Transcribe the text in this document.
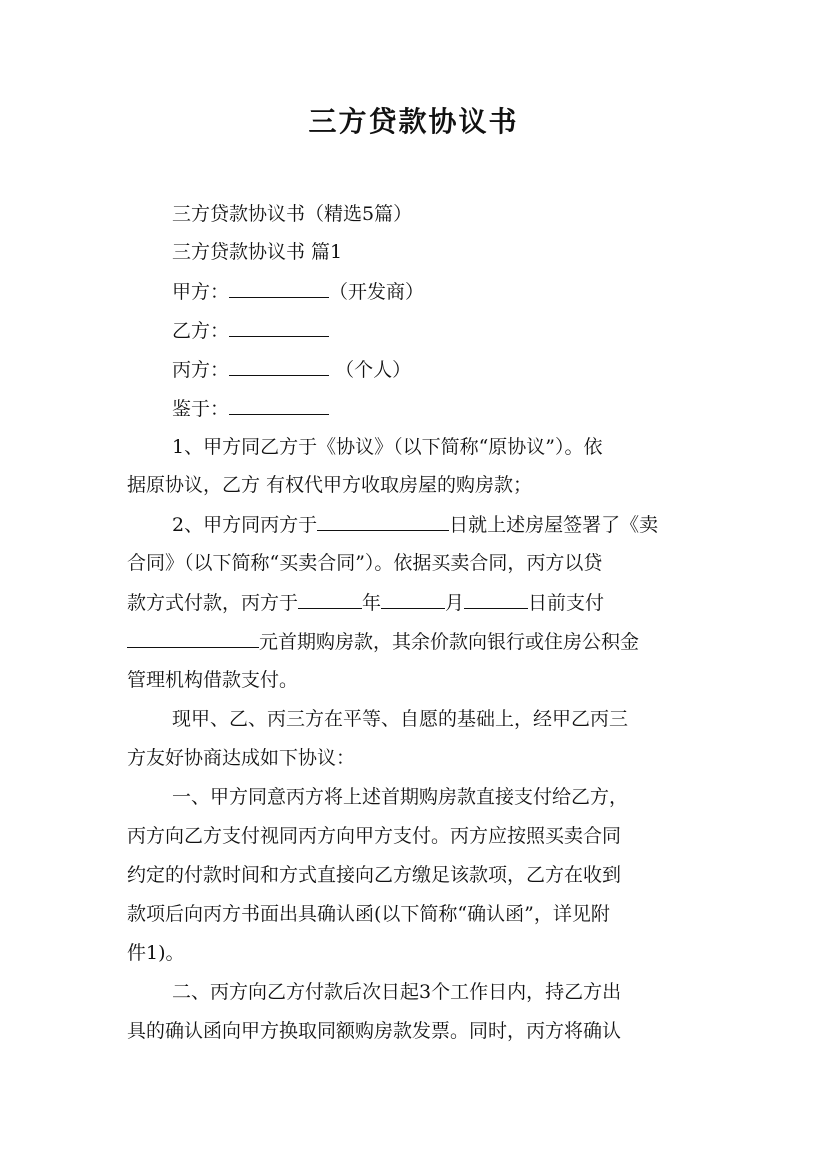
三方贷款协议书
三方贷款协议书（精选5篇）
三方贷款协议书 篇1
甲方：	（开发商）
乙方：
丙方：	（个人）
鉴于：
1、甲方同乙方于《协议》（以下简称“原协议”）。依
据原协议，乙方 有权代甲方收取房屋的购房款；
2、甲方同丙方于	日就上述房屋签署了《卖
合同》（以下简称“买卖合同”）。依据买卖合同，丙方以贷
款方式付款，丙方于	年	月	日前支付
元首期购房款，其余价款向银行或住房公积金
管理机构借款支付。
现甲、乙、丙三方在平等、自愿的基础上，经甲乙丙三
方友好协商达成如下协议：
一、甲方同意丙方将上述首期购房款直接支付给乙方，
丙方向乙方支付视同丙方向甲方支付。丙方应按照买卖合同
约定的付款时间和方式直接向乙方缴足该款项，乙方在收到
款项后向丙方书面出具确认函(以下简称“确认函”，详见附
件1)。
二、丙方向乙方付款后次日起3个工作日内，持乙方出
具的确认函向甲方换取同额购房款发票。同时，丙方将确认
